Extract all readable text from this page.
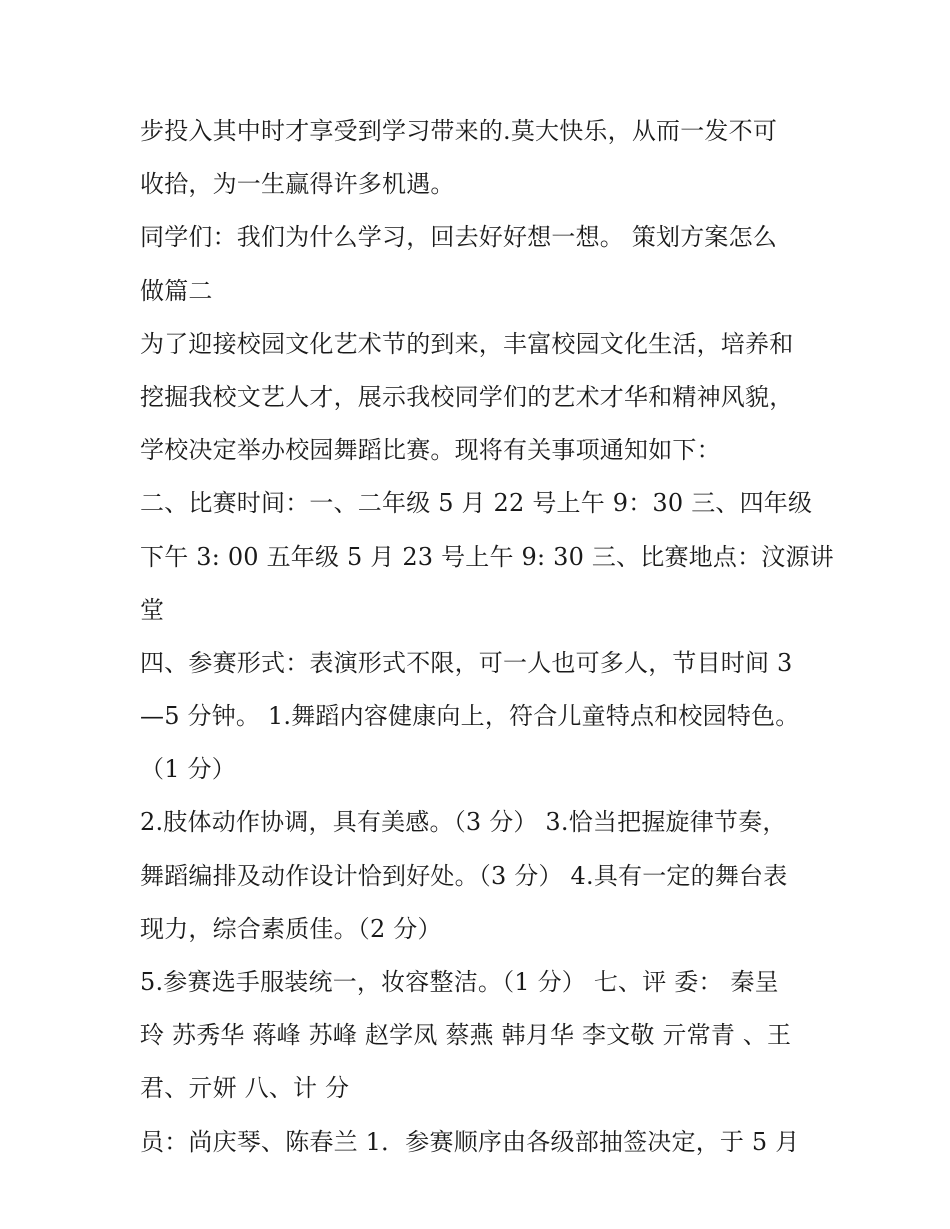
步投入其中时才享受到学习带来的.莫大快乐，从而一发不可
收拾，为一生赢得许多机遇。
同学们：我们为什么学习，回去好好想一想。 策划方案怎么
做篇二
为了迎接校园文化艺术节的到来，丰富校园文化生活，培养和
挖掘我校文艺人才，展示我校同学们的艺术才华和精神风貌，
学校决定举办校园舞蹈比赛。现将有关事项通知如下：
二、比赛时间：一、二年级 5 月 22 号上午 9：30 三、四年级
下午 3: 00 五年级 5 月 23 号上午 9: 30 三、比赛地点：汶源讲
堂
四、参赛形式：表演形式不限，可一人也可多人，节目时间 3
—5 分钟。 1.舞蹈内容健康向上，符合儿童特点和校园特色。
（1 分）
2.肢体动作协调，具有美感。（3 分） 3.恰当把握旋律节奏，
舞蹈编排及动作设计恰到好处。（3 分） 4.具有一定的舞台表
现力，综合素质佳。（2 分）
5.参赛选手服装统一，妆容整洁。（1 分） 七、评 委： 秦呈
玲 苏秀华 蒋峰 苏峰 赵学凤 蔡燕 韩月华 李文敬 亓常青 、王
君、亓妍 八、计 分
员：尚庆琴、陈春兰 1．参赛顺序由各级部抽签决定，于 5 月
